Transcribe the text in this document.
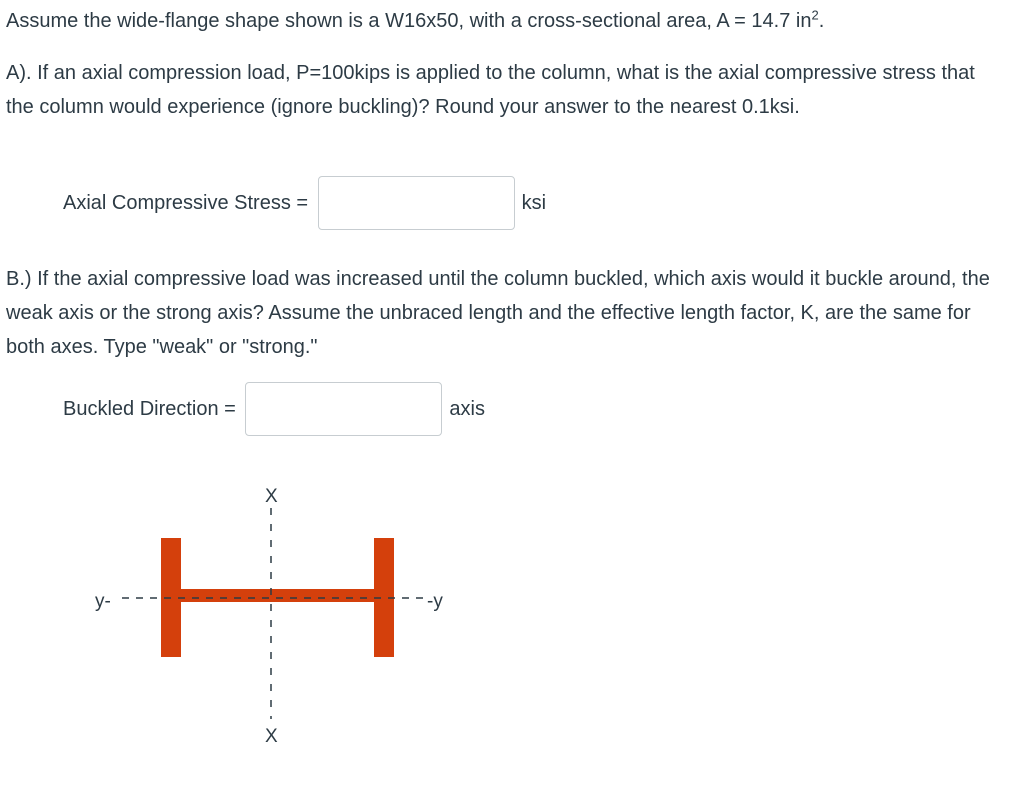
Assume the wide-flange shape shown is a W16x50, with a cross-sectional area, A = 14.7 $in^2$.
A). If an axial compression load, P=100kips is applied to the column, what is the axial compressive stress that the column would experience (ignore buckling)? Round your answer to the nearest 0.1ksi.
Axial Compressive Stress =	ksi
B.) If the axial compressive load was increased until the column buckled, which axis would it buckle around, the weak axis or the strong axis? Assume the unbraced length and the effective length factor, K, are the same for both axes. Type "weak" or "strong."
Buckled Direction =	axis
X
X
y-	-y
